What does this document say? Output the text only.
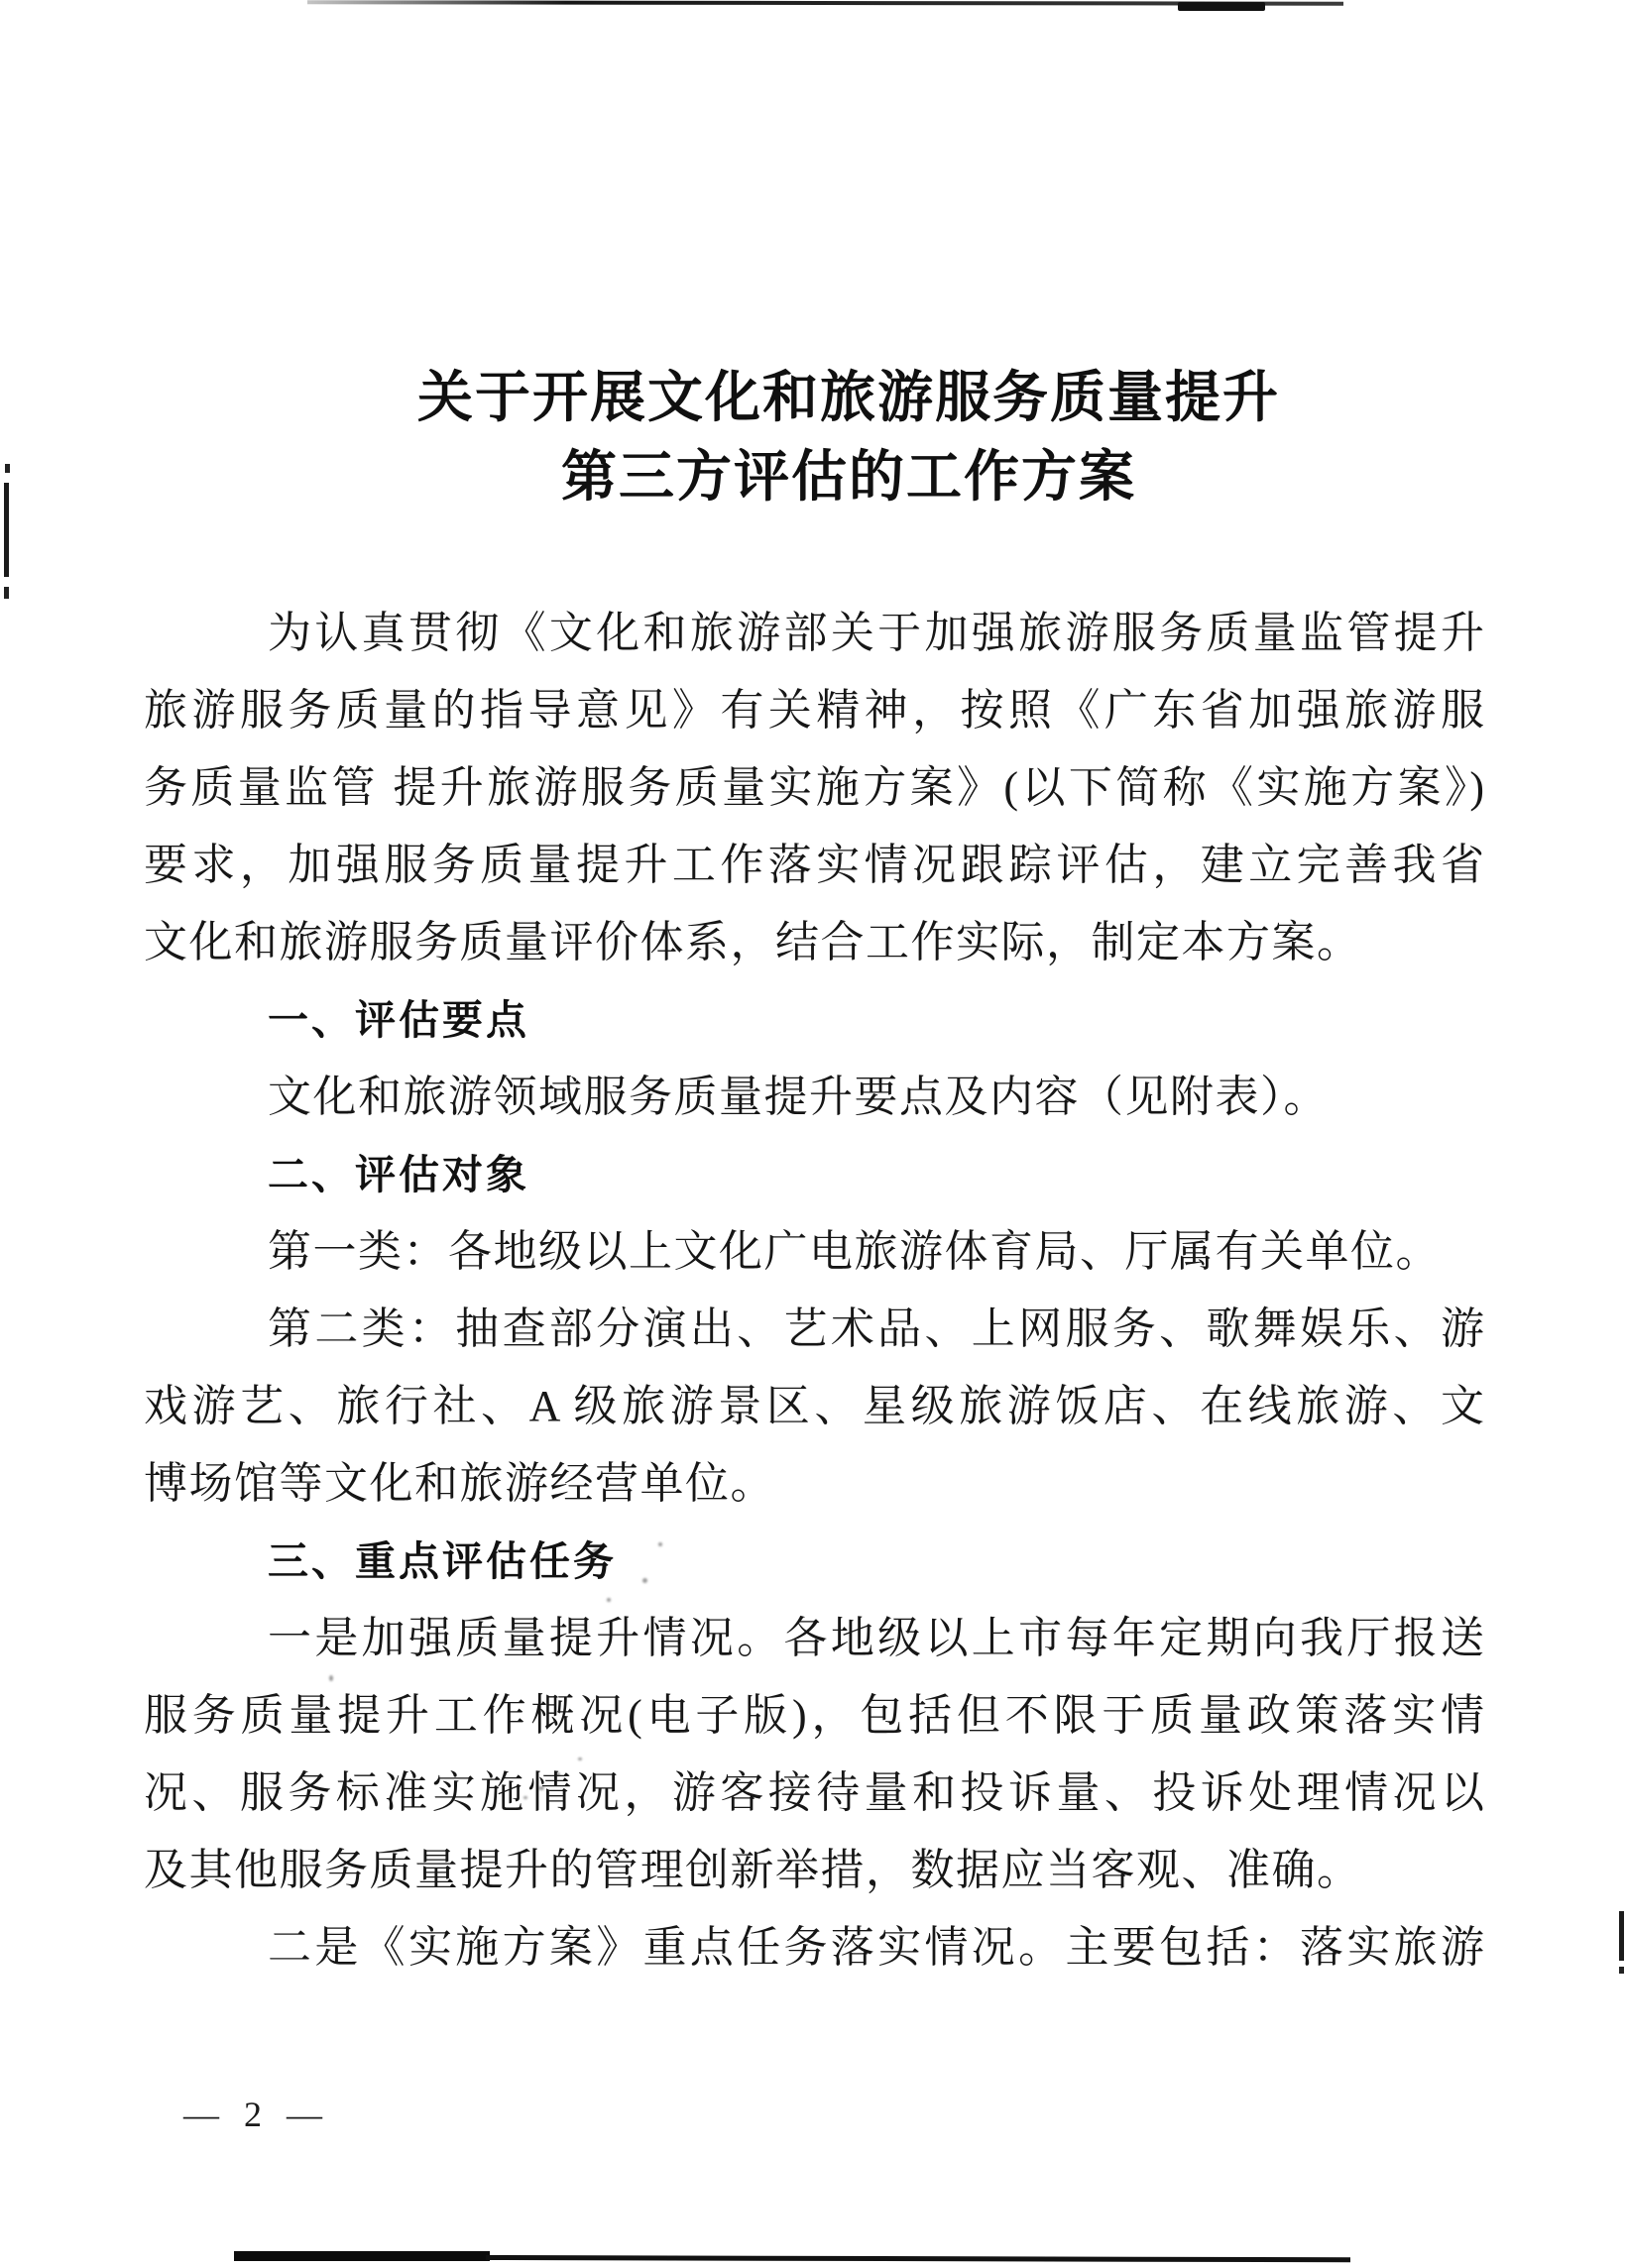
关于开展文化和旅游服务质量提升
第三方评估的工作方案
为认真贯彻《文化和旅游部关于加强旅游服务质量监管提升
旅游服务质量的指导意见》有关精神，按照《广东省加强旅游服
务质量监管 提升旅游服务质量实施方案》(以下简称《实施方案》)
要求，加强服务质量提升工作落实情况跟踪评估，建立完善我省
文化和旅游服务质量评价体系，结合工作实际，制定本方案。
一、评估要点
文化和旅游领域服务质量提升要点及内容（见附表）。
二、评估对象
第一类：各地级以上文化广电旅游体育局、厅属有关单位。
第二类：抽查部分演出、艺术品、上网服务、歌舞娱乐、游
戏游艺、旅行社、A 级旅游景区、星级旅游饭店、在线旅游、文
博场馆等文化和旅游经营单位。
三、重点评估任务
一是加强质量提升情况。各地级以上市每年定期向我厅报送
服务质量提升工作概况(电子版)，包括但不限于质量政策落实情
况、服务标准实施情况，游客接待量和投诉量、投诉处理情况以
及其他服务质量提升的管理创新举措，数据应当客观、准确。
二是《实施方案》重点任务落实情况。主要包括：落实旅游
— 2 —
